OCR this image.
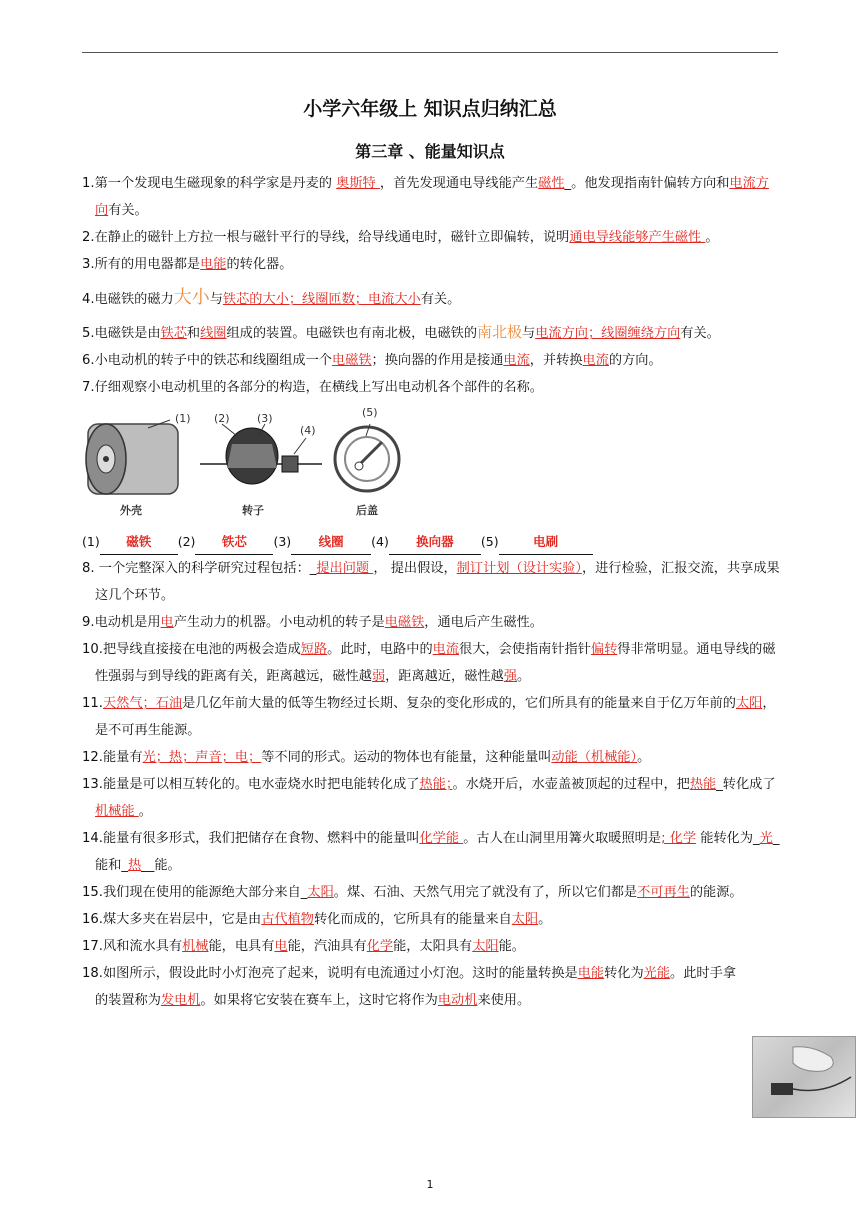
小学六年级上 知识点归纳汇总
第三章 、能量知识点

1.第一个发现电生磁现象的科学家是丹麦的 奥斯特 ，首先发现通电导线能产生磁性_。他发现指南针偏转方向和电流方向有关。

2.在静止的磁针上方拉一根与磁针平行的导线，给导线通电时，磁针立即偏转，说明通电导线能够产生磁性 。

3.所有的用电器都是电能的转化器。

4.电磁铁的磁力大小与铁芯的大小；线圈匝数；电流大小有关。

5.电磁铁是由铁芯和线圈组成的装置。电磁铁也有南北极，电磁铁的南北极与电流方向；线圈缠绕方向有关。

6.小电动机的转子中的铁芯和线圈组成一个电磁铁；换向器的作用是接通电流，并转换电流的方向。

7.仔细观察小电动机里的各部分的构造，在横线上写出电动机各个部件的名称。

(1) (2) (3)
(4)
(5)
外壳	转子	后盖
(1) 磁铁 (2) 铁芯 (3) 线圈 (4) 换向器 (5)	电刷

8. 一个完整深入的科学研究过程包括：_提出问题 ， 提出假设，制订计划（设计实验），进行检验，汇报交流，共享成果这几个环节。

9.电动机是用电产生动力的机器。小电动机的转子是电磁铁，通电后产生磁性。

10.把导线直接接在电池的两极会造成短路。此时，电路中的电流很大，会使指南针指针偏转得非常明显。通电导线的磁性强弱与到导线的距离有关，距离越远，磁性越弱，距离越近，磁性越强。

11.天然气；石油是几亿年前大量的低等生物经过长期、复杂的变化形成的，它们所具有的能量来自于亿万年前的太阳，是不可再生能源。

12.能量有光；热；声音；电；等不同的形式。运动的物体也有能量，这种能量叫动能（机械能）。

13.能量是可以相互转化的。电水壶烧水时把电能转化成了热能；。水烧开后，水壶盖被顶起的过程中，把热能_转化成了机械能 。

14.能量有很多形式，我们把储存在食物、燃料中的能量叫化学能 。古人在山洞里用篝火取暖照明是; 化学 能转化为_光_能和_热__能。

15.我们现在使用的能源绝大部分来自_太阳。煤、石油、天然气用完了就没有了，所以它们都是不可再生的能源。

16.煤大多夹在岩层中，它是由古代植物转化而成的，它所具有的能量来自太阳。

17.风和流水具有机械能，电具有电能，汽油具有化学能，太阳具有太阳能。

18.如图所示，假设此时小灯泡亮了起来，说明有电流通过小灯泡。这时的能量转换是电能转化为光能。此时手拿的装置称为发电机。如果将它安装在赛车上，这时它将作为电动机来使用。

1
